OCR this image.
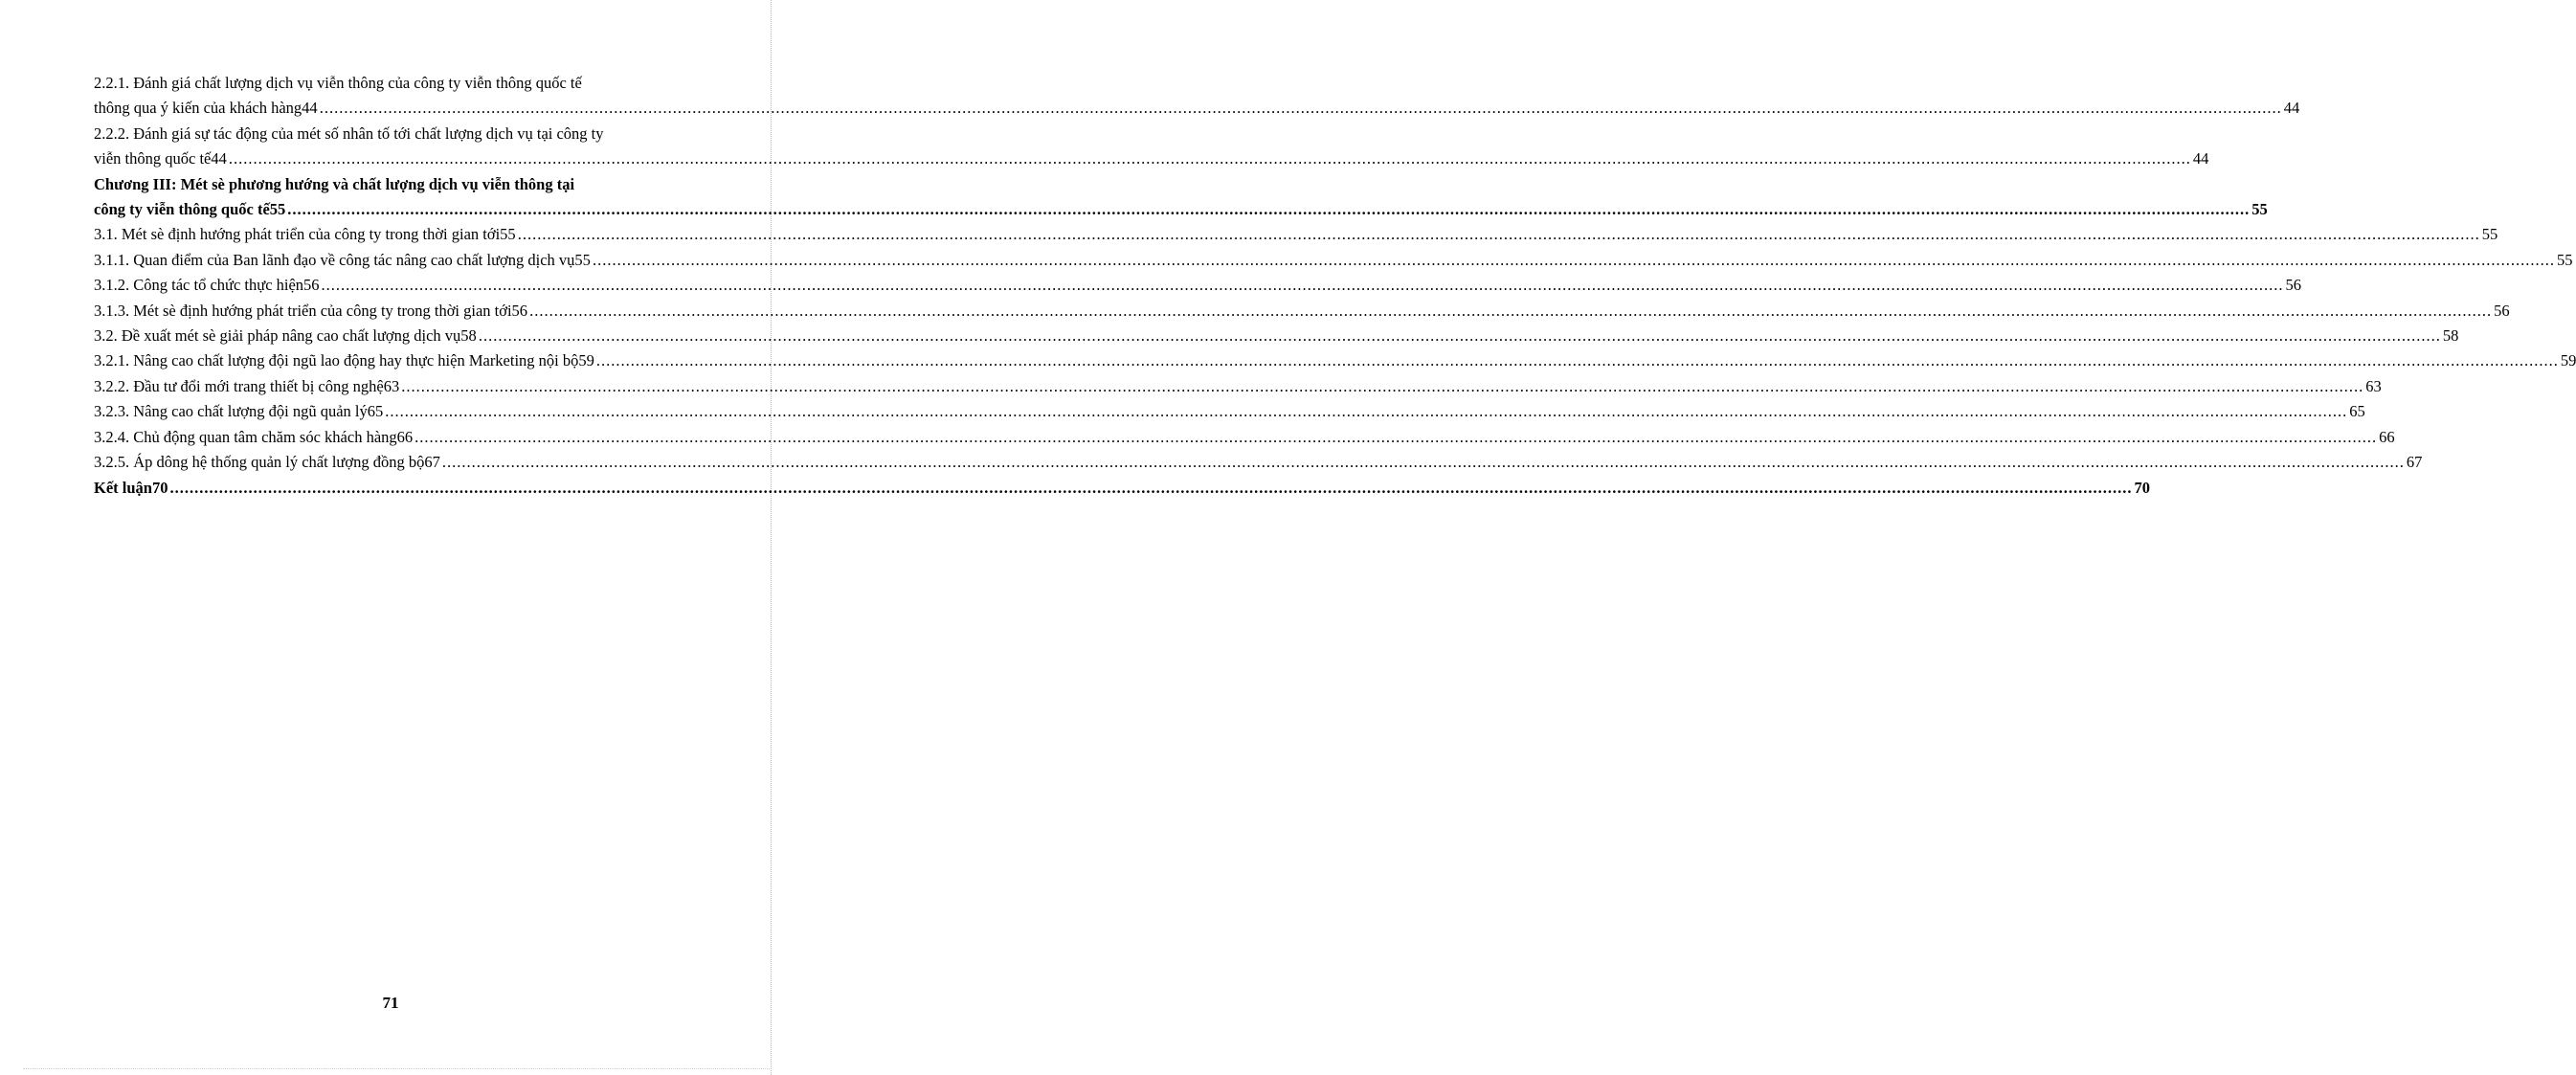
2.2.1. Đánh giá chất lượng dịch vụ viễn thông của công ty viễn thông quốc tế
thông qua ý kiến của khách hàng44 ................................................................................................................................................................................................................................................................................................................................................................................................................ 44
2.2.2. Đánh giá sự tác động của mét số nhân tố tới chất lượng dịch vụ tại công ty
viễn thông quốc tế44 ................................................................................................................................................................................................................................................................................................................................................................................................................ 44
Chương III: Mét sè phương hướng và chất lượng dịch vụ viễn thông tại
công ty viễn thông quốc tế55 ................................................................................................................................................................................................................................................................................................................................................................................................................ 55
3.1. Mét sè định hướng phát triển của công ty trong thời gian tới55 ................................................................................................................................................................................................................................................................................................................................................................................................................ 55
3.1.1. Quan điểm của Ban lãnh đạo về công tác nâng cao chất lượng dịch vụ55 ................................................................................................................................................................................................................................................................................................................................................................................................................ 55
3.1.2. Công tác tổ chức thực hiện56 ................................................................................................................................................................................................................................................................................................................................................................................................................ 56
3.1.3. Mét sè định hướng phát triển của công ty trong thời gian tới56 ................................................................................................................................................................................................................................................................................................................................................................................................................ 56
3.2. Đề xuất mét sè giải pháp nâng cao chất lượng dịch vụ58 ................................................................................................................................................................................................................................................................................................................................................................................................................ 58
3.2.1. Nâng cao chất lượng đội ngũ lao động hay thực hiện Marketing nội bộ59 ................................................................................................................................................................................................................................................................................................................................................................................................................ 59
3.2.2. Đầu tư đổi mới trang thiết bị công nghệ63 ................................................................................................................................................................................................................................................................................................................................................................................................................ 63
3.2.3. Nâng cao chất lượng đội ngũ quản lý65 ................................................................................................................................................................................................................................................................................................................................................................................................................ 65
3.2.4. Chủ động quan tâm chăm sóc khách hàng66 ................................................................................................................................................................................................................................................................................................................................................................................................................ 66
3.2.5. Áp dông hệ thống quản lý chất lượng đồng bộ67 ................................................................................................................................................................................................................................................................................................................................................................................................................ 67
Kết luận70 ................................................................................................................................................................................................................................................................................................................................................................................................................ 70
71
